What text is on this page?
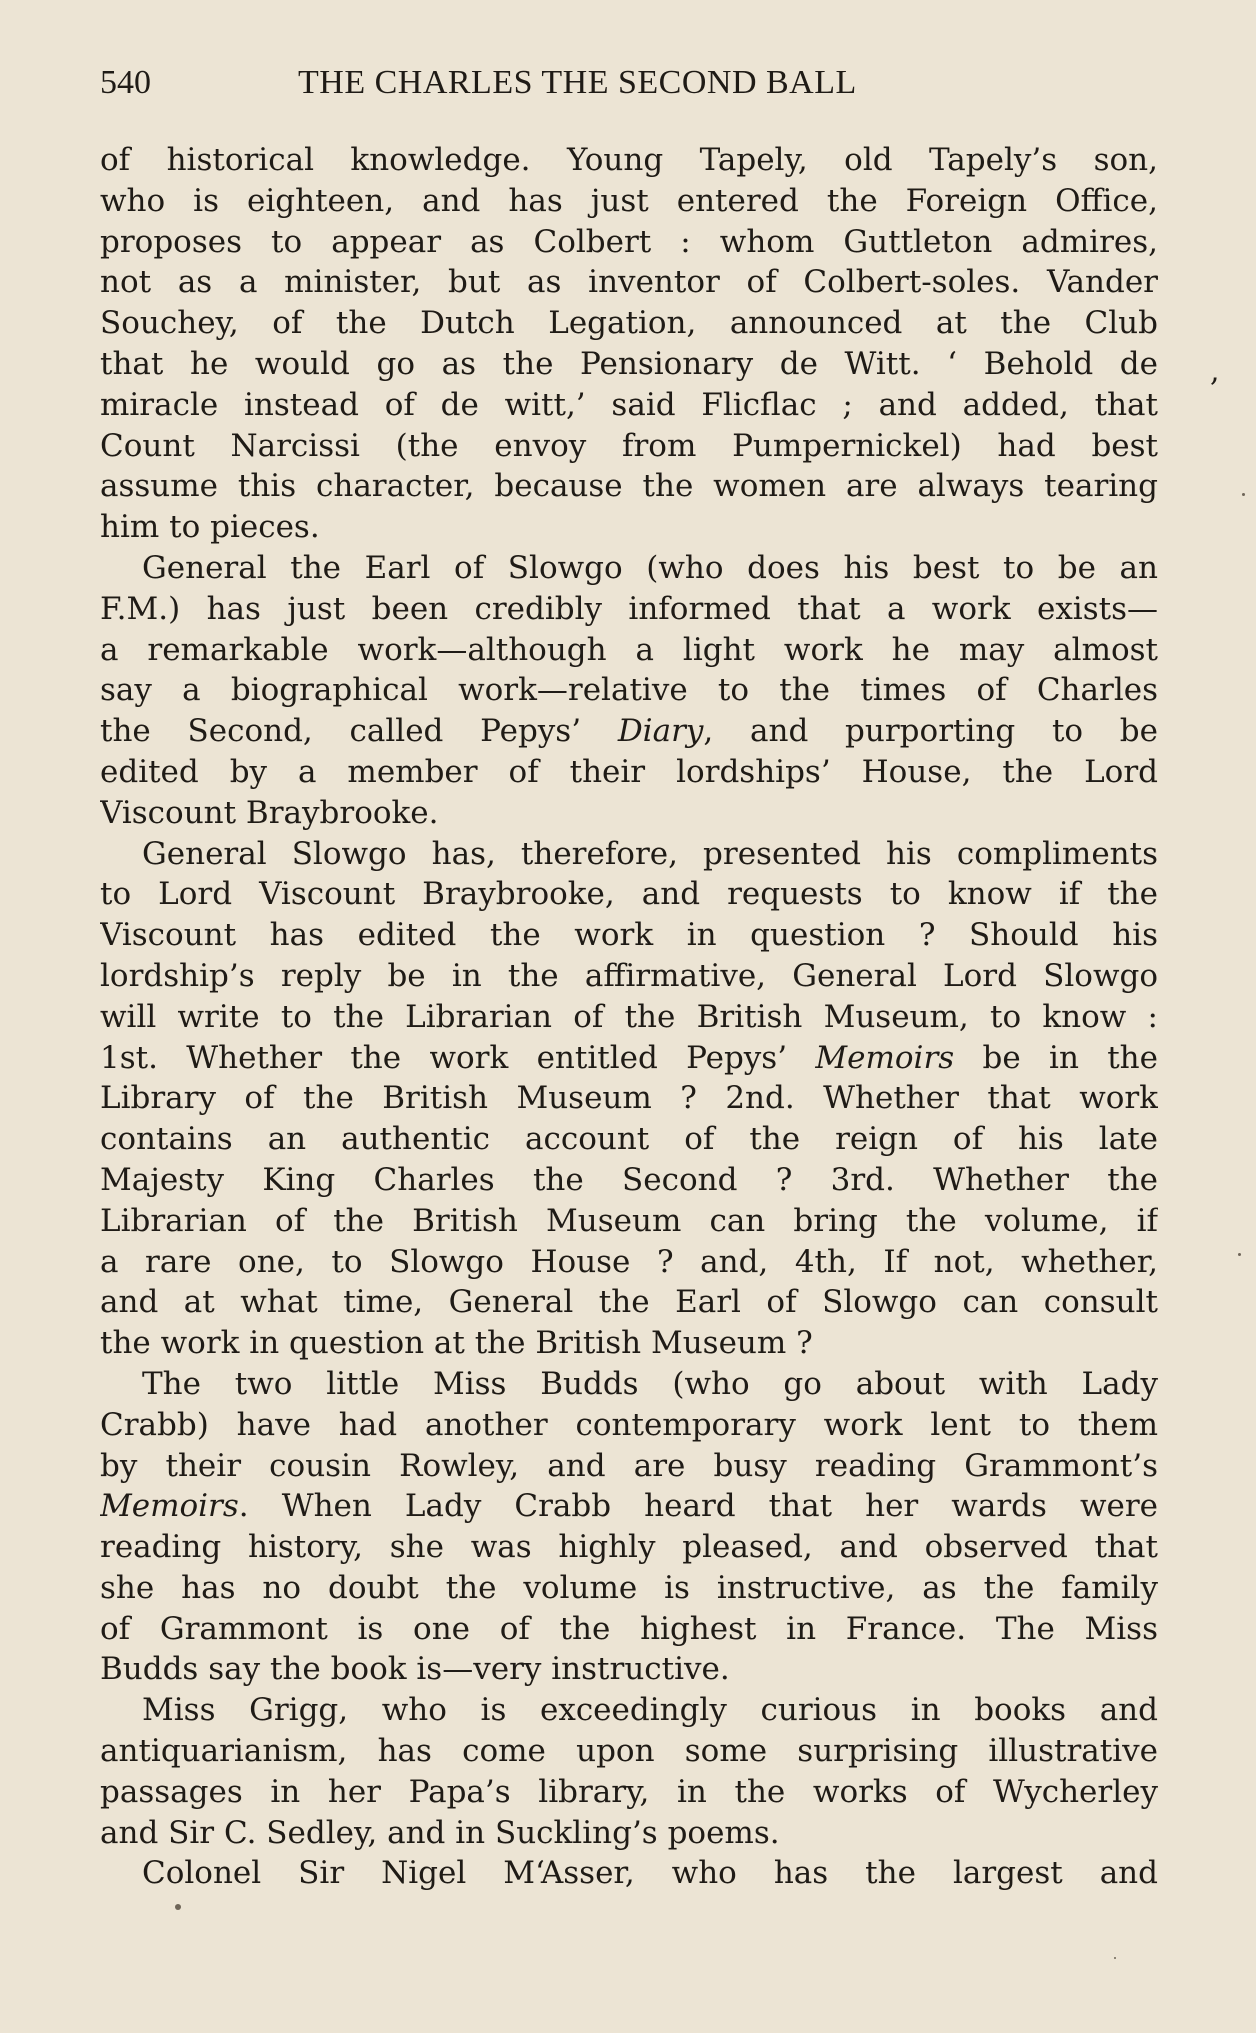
540	THE CHARLES THE SECOND BALL
of historical knowledge. Young Tapely, old Tapely’s son,
who is eighteen, and has just entered the Foreign Office,
proposes to appear as Colbert : whom Guttleton admires,
not as a minister, but as inventor of Colbert-soles. Vander
Souchey, of the Dutch Legation, announced at the Club
that he would go as the Pensionary de Witt. ‘ Behold de
miracle instead of de witt,’ said Flicflac ; and added, that
Count Narcissi (the envoy from Pumpernickel) had best
assume this character, because the women are always tearing
him to pieces.
General the Earl of Slowgo (who does his best to be an
F.M.) has just been credibly informed that a work exists—
a remarkable work—although a light work he may almost
say a biographical work—relative to the times of Charles
the Second, called Pepys’ Diary, and purporting to be
edited by a member of their lordships’ House, the Lord
Viscount Braybrooke.
General Slowgo has, therefore, presented his compliments
to Lord Viscount Braybrooke, and requests to know if the
Viscount has edited the work in question ? Should his
lordship’s reply be in the affirmative, General Lord Slowgo
will write to the Librarian of the British Museum, to know :
1st. Whether the work entitled Pepys’ Memoirs be in the
Library of the British Museum ? 2nd. Whether that work
contains an authentic account of the reign of his late
Majesty King Charles the Second ? 3rd. Whether the
Librarian of the British Museum can bring the volume, if
a rare one, to Slowgo House ? and, 4th, If not, whether,
and at what time, General the Earl of Slowgo can consult
the work in question at the British Museum ?
The two little Miss Budds (who go about with Lady
Crabb) have had another contemporary work lent to them
by their cousin Rowley, and are busy reading Grammont’s
Memoirs. When Lady Crabb heard that her wards were
reading history, she was highly pleased, and observed that
she has no doubt the volume is instructive, as the family
of Grammont is one of the highest in France. The Miss
Budds say the book is—very instructive.
Miss Grigg, who is exceedingly curious in books and
antiquarianism, has come upon some surprising illustrative
passages in her Papa’s library, in the works of Wycherley
and Sir C. Sedley, and in Suckling’s poems.
Colonel Sir Nigel M‘Asser, who has the largest and
,
